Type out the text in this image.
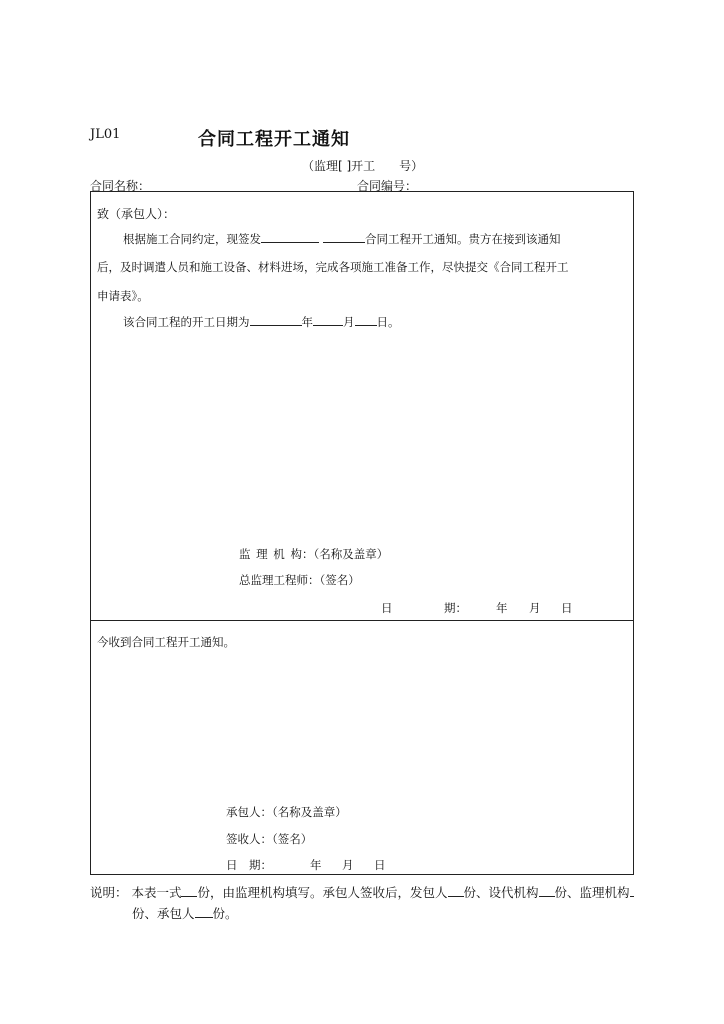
JL01	合同工程开工通知
（监理[ ]开工　　号）
合同名称：	合同编号：
致（承包人）：
根据施工合同约定，现签发	合同工程开工通知。贵方在接到该通知
后，及时调遣人员和施工设备、材料进场，完成各项施工准备工作，尽快提交《合同工程开工
申请表》。
该合同工程的开工日期为	年	月 日。
监 理 机 构：（名称及盖章）
总监理工程师：（签名）
日	期：	年 月 日
今收到合同工程开工通知。
承包人：（名称及盖章）
签收人：（签名）
日　期：	年 月 日
说明： 本表一式 份，由监理机构填写。承包人签收后，发包人 份、设代机构 份、监理机构
份、承包人 份。
